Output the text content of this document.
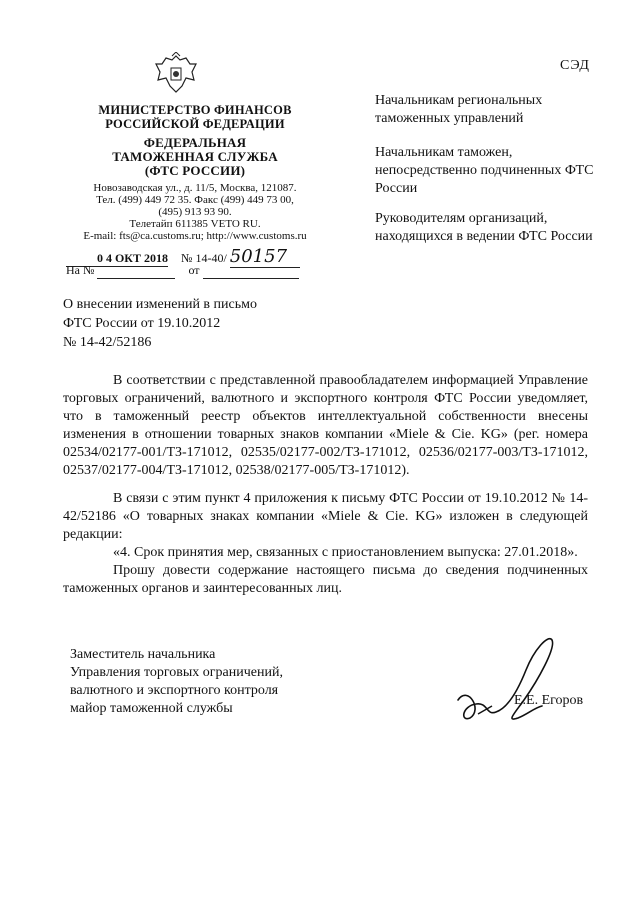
СЭД
МИНИСТЕРСТВО ФИНАНСОВ
РОССИЙСКОЙ ФЕДЕРАЦИИ
ФЕДЕРАЛЬНАЯ
ТАМОЖЕННАЯ СЛУЖБА
(ФТС РОССИИ)
Новозаводская ул., д. 11/5, Москва, 121087.
Тел. (499) 449 72 35. Факс (499) 449 73 00,
(495) 913 93 90.
Телетайп 611385 VETO RU.
E-mail: fts@ca.customs.ru; http://www.customs.ru
0 4 ОКТ 2018 № 14-40/ 50157
На №	от
Начальникам региональных таможенных управлений
Начальникам таможен, непосредственно подчиненных ФТС России
Руководителям организаций, находящихся в ведении ФТС России
О внесении изменений в письмо
ФТС России от 19.10.2012
№ 14-42/52186
В соответствии с представленной правообладателем информацией Управление торговых ограничений, валютного и экспортного контроля ФТС России уведомляет, что в таможенный реестр объектов интеллектуальной собственности внесены изменения в отношении товарных знаков компании «Miele & Cie. KG» (рег. номера 02534/02177-001/ТЗ-171012, 02535/02177-002/ТЗ-171012, 02536/02177-003/ТЗ-171012, 02537/02177-004/ТЗ-171012, 02538/02177-005/ТЗ-171012).
В связи с этим пункт 4 приложения к письму ФТС России от 19.10.2012 № 14-42/52186 «О товарных знаках компании «Miele & Cie. KG» изложен в следующей редакции:
«4. Срок принятия мер, связанных с приостановлением выпуска: 27.01.2018».
Прошу довести содержание настоящего письма до сведения подчиненных таможенных органов и заинтересованных лиц.
Заместитель начальника
Управления торговых ограничений,
валютного и экспортного контроля
майор таможенной службы
Е.Е. Егоров
